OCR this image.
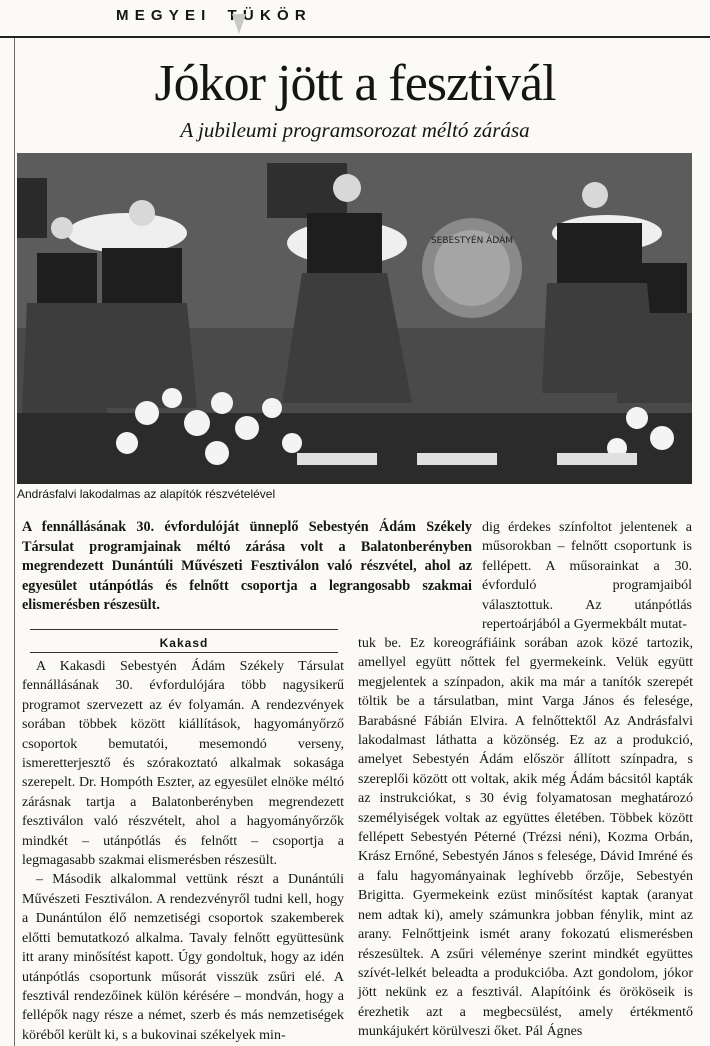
MEGYEI TÜKÖR
Jókor jött a fesztivál
A jubileumi programsorozat méltó zárása
SEBESTYÉN ÁDÁM
Andrásfalvi lakodalmas az alapítók részvételével
A fennállásának 30. évfordulóját ünneplő Sebestyén Ádám Székely Társulat programjainak méltó zárása volt a Balatonberényben megrendezett Dunántúli Művészeti Fesztiválon való részvétel, ahol az egyesület utánpótlás és felnőtt csoportja a legrangosabb szakmai elismerésben részesült.

dig érdekes színfoltot jelentenek a műsorokban – felnőtt csoportunk is fellépett. A műsorainkat a 30. évforduló programjaiból választottuk. Az utánpótlás repertoárjából a Gyermekbált mutat-

Kakasd

A Kakasdi Sebestyén Ádám Székely Társulat fennállásának 30. évfordulójára több nagysikerű programot szervezett az év folyamán. A rendezvények sorában többek között kiállítások, hagyományőrző csoportok bemutatói, mesemondó verseny, ismeretterjesztő és szórakoztató alkalmak sokasága szerepelt. Dr. Hompóth Eszter, az egyesület elnöke méltó zárásnak tartja a Balatonberényben megrendezett fesztiválon való részvételt, ahol a hagyományőrzők mindkét – utánpótlás és felnőtt – csoportja a legmagasabb szakmai elismerésben részesült.

– Második alkalommal vettünk részt a Dunántúli Művészeti Fesztiválon. A rendezvényről tudni kell, hogy a Dunántúlon élő nemzetiségi csoportok szakemberek előtti bemutatkozó alkalma. Tavaly felnőtt együttesünk itt arany minősítést kapott. Úgy gondoltuk, hogy az idén utánpótlás csoportunk műsorát visszük zsűri elé. A fesztivál rendezőinek külön kérésére – mondván, hogy a fellépők nagy része a német, szerb és más nemzetiségek köréből került ki, s a bukovinai székelyek min-

tuk be. Ez koreográfiáink sorában azok közé tartozik, amellyel együtt nőttek fel gyermekeink. Velük együtt megjelentek a színpadon, akik ma már a tanítók szerepét töltik be a társulatban, mint Varga János és felesége, Barabásné Fábián Elvira. A felnőttektől Az Andrásfalvi lakodalmast láthatta a közönség. Ez az a produkció, amelyet Sebestyén Ádám először állított színpadra, s szereplői között ott voltak, akik még Ádám bácsitól kapták az instrukciókat, s 30 évig folyamatosan meghatározó személyiségek voltak az együttes életében. Többek között fellépett Sebestyén Péterné (Trézsi néni), Kozma Orbán, Krász Ernőné, Sebestyén János s felesége, Dávid Imréné és a falu hagyományainak leghívebb őrzője, Sebestyén Brigitta. Gyermekeink ezüst minősítést kaptak (aranyat nem adtak ki), amely számunkra jobban fénylik, mint az arany. Felnőttjeink ismét arany fokozatú elismerésben részesültek. A zsűri véleménye szerint mindkét együttes szívét-lelkét beleadta a produkcióba. Azt gondolom, jókor jött nekünk ez a fesztivál. Alapítóink és örököseik is érezhetik azt a megbecsülést, amely értékmentő munkájukért körülveszi őket. Pál Ágnes
